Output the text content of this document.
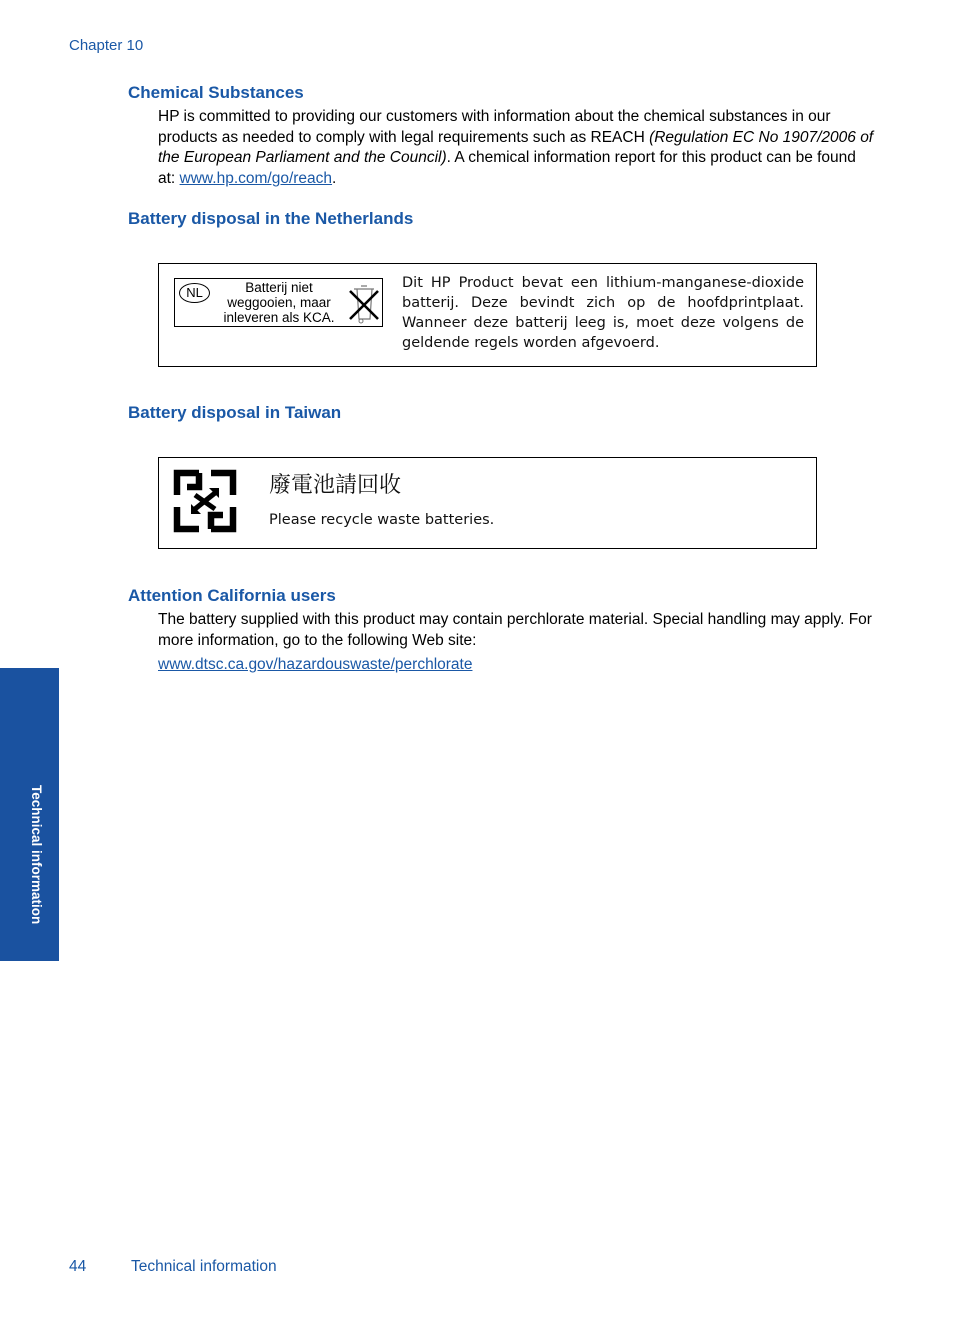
Chapter 10
Chemical Substances

HP is committed to providing our customers with information about the chemical substances in our products as needed to comply with legal requirements such as REACH (Regulation EC No 1907/2006 of the European Parliament and the Council). A chemical information report for this product can be found at: www.hp.com/go/reach.

Battery disposal in the Netherlands
NL	Batterij niet
weggooien, maar
inleveren als KCA.
Dit HP Product bevat een lithium-manganese-dioxide batterij. Deze bevindt zich op de hoofdprintplaat. Wanneer deze batterij leeg is, moet deze volgens de geldende regels worden afgevoerd.
Battery disposal in Taiwan
廢電池請回收
Please recycle waste batteries.
Attention California users

The battery supplied with this product may contain perchlorate material. Special handling may apply. For more information, go to the following Web site:

www.dtsc.ca.gov/hazardouswaste/perchlorate
Technical information
44	Technical information
